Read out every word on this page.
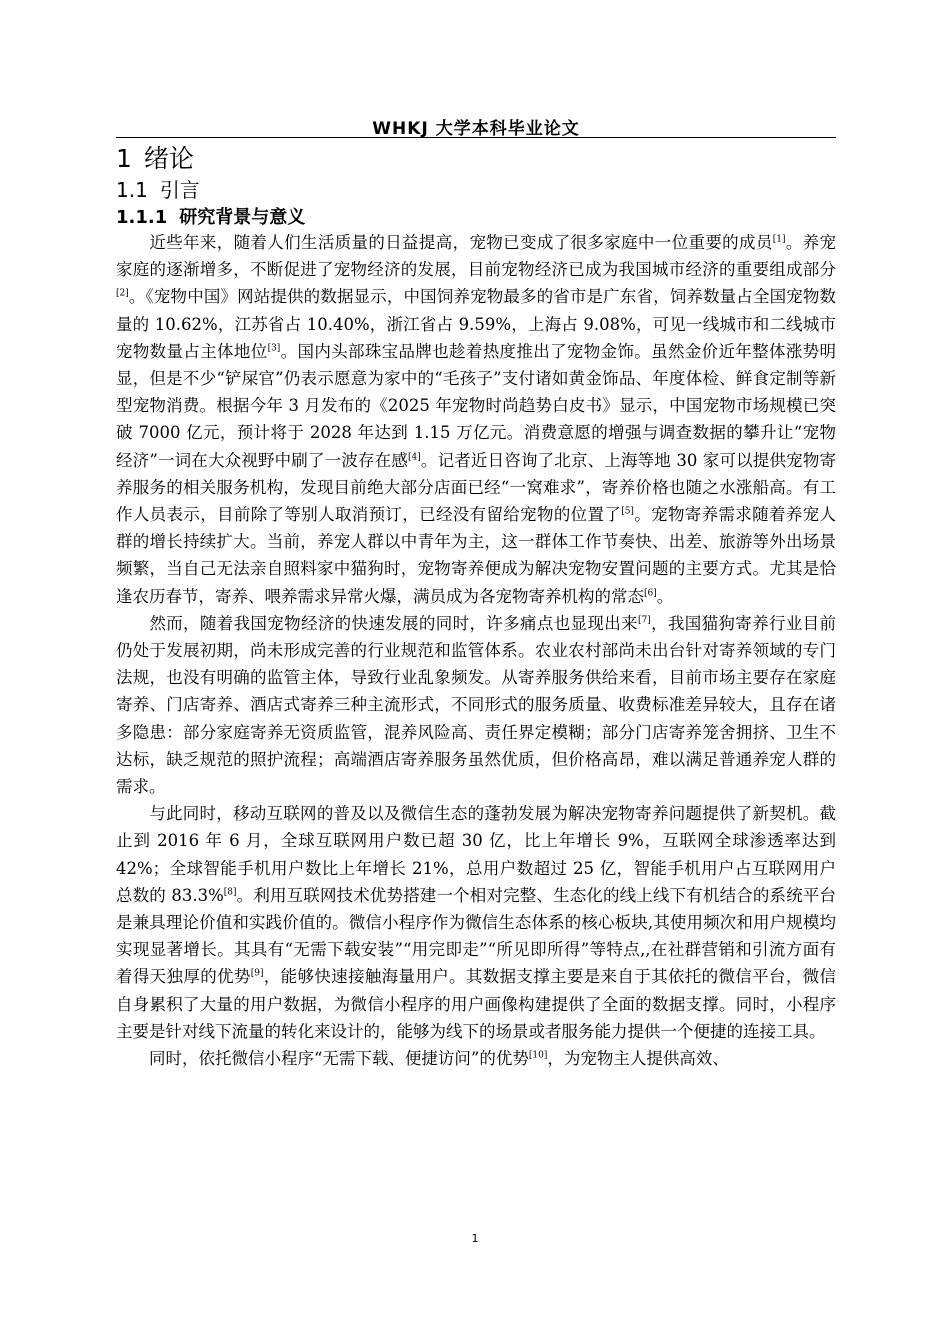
WHKJ 大学本科毕业论文
1 绪论
1.1 引言
1.1.1 研究背景与意义

近些年来，随着人们生活质量的日益提高，宠物已变成了很多家庭中一位重要的成员[1]。养宠家庭的逐渐增多，不断促进了宠物经济的发展，目前宠物经济已成为我国城市经济的重要组成部分[2]。《宠物中国》网站提供的数据显示，中国饲养宠物最多的省市是广东省，饲养数量占全国宠物数量的 10.62%，江苏省占 10.40%，浙江省占 9.59%，上海占 9.08%，可见一线城市和二线城市宠物数量占主体地位[3]。国内头部珠宝品牌也趁着热度推出了宠物金饰。虽然金价近年整体涨势明显，但是不少“铲屎官”仍表示愿意为家中的“毛孩子”支付诸如黄金饰品、年度体检、鲜食定制等新型宠物消费。根据今年 3 月发布的《2025 年宠物时尚趋势白皮书》显示，中国宠物市场规模已突破 7000 亿元，预计将于 2028 年达到 1.15 万亿元。消费意愿的增强与调查数据的攀升让“宠物经济”一词在大众视野中刷了一波存在感[4]。记者近日咨询了北京、上海等地 30 家可以提供宠物寄养服务的相关服务机构，发现目前绝大部分店面已经“一窝难求”，寄养价格也随之水涨船高。有工作人员表示，目前除了等别人取消预订，已经没有留给宠物的位置了[5]。宠物寄养需求随着养宠人群的增长持续扩大。当前，养宠人群以中青年为主，这一群体工作节奏快、出差、旅游等外出场景频繁，当自己无法亲自照料家中猫狗时，宠物寄养便成为解决宠物安置问题的主要方式。尤其是恰逢农历春节，寄养、喂养需求异常火爆，满员成为各宠物寄养机构的常态[6]。

然而，随着我国宠物经济的快速发展的同时，许多痛点也显现出来[7]，我国猫狗寄养行业目前仍处于发展初期，尚未形成完善的行业规范和监管体系。农业农村部尚未出台针对寄养领域的专门法规，也没有明确的监管主体，导致行业乱象频发。从寄养服务供给来看，目前市场主要存在家庭寄养、门店寄养、酒店式寄养三种主流形式，不同形式的服务质量、收费标准差异较大，且存在诸多隐患：部分家庭寄养无资质监管，混养风险高、责任界定模糊；部分门店寄养笼舍拥挤、卫生不达标，缺乏规范的照护流程；高端酒店寄养服务虽然优质，但价格高昂，难以满足普通养宠人群的需求。

与此同时，移动互联网的普及以及微信生态的蓬勃发展为解决宠物寄养问题提供了新契机。截止到 2016 年 6 月，全球互联网用户数已超 30 亿，比上年增长 9%，互联网全球渗透率达到 42%；全球智能手机用户数比上年增长 21%，总用户数超过 25 亿，智能手机用户占互联网用户总数的 83.3%[8]。利用互联网技术优势搭建一个相对完整、生态化的线上线下有机结合的系统平台是兼具理论价值和实践价值的。微信小程序作为微信生态体系的核心板块,其使用频次和用户规模均实现显著增长。其具有“无需下载安装”“用完即走”“所见即所得”等特点,,在社群营销和引流方面有着得天独厚的优势[9]，能够快速接触海量用户。其数据支撑主要是来自于其依托的微信平台，微信自身累积了大量的用户数据，为微信小程序的用户画像构建提供了全面的数据支撑。同时，小程序主要是针对线下流量的转化来设计的，能够为线下的场景或者服务能力提供一个便捷的连接工具。

同时，依托微信小程序“无需下载、便捷访问”的优势[10]，为宠物主人提供高效、

1
